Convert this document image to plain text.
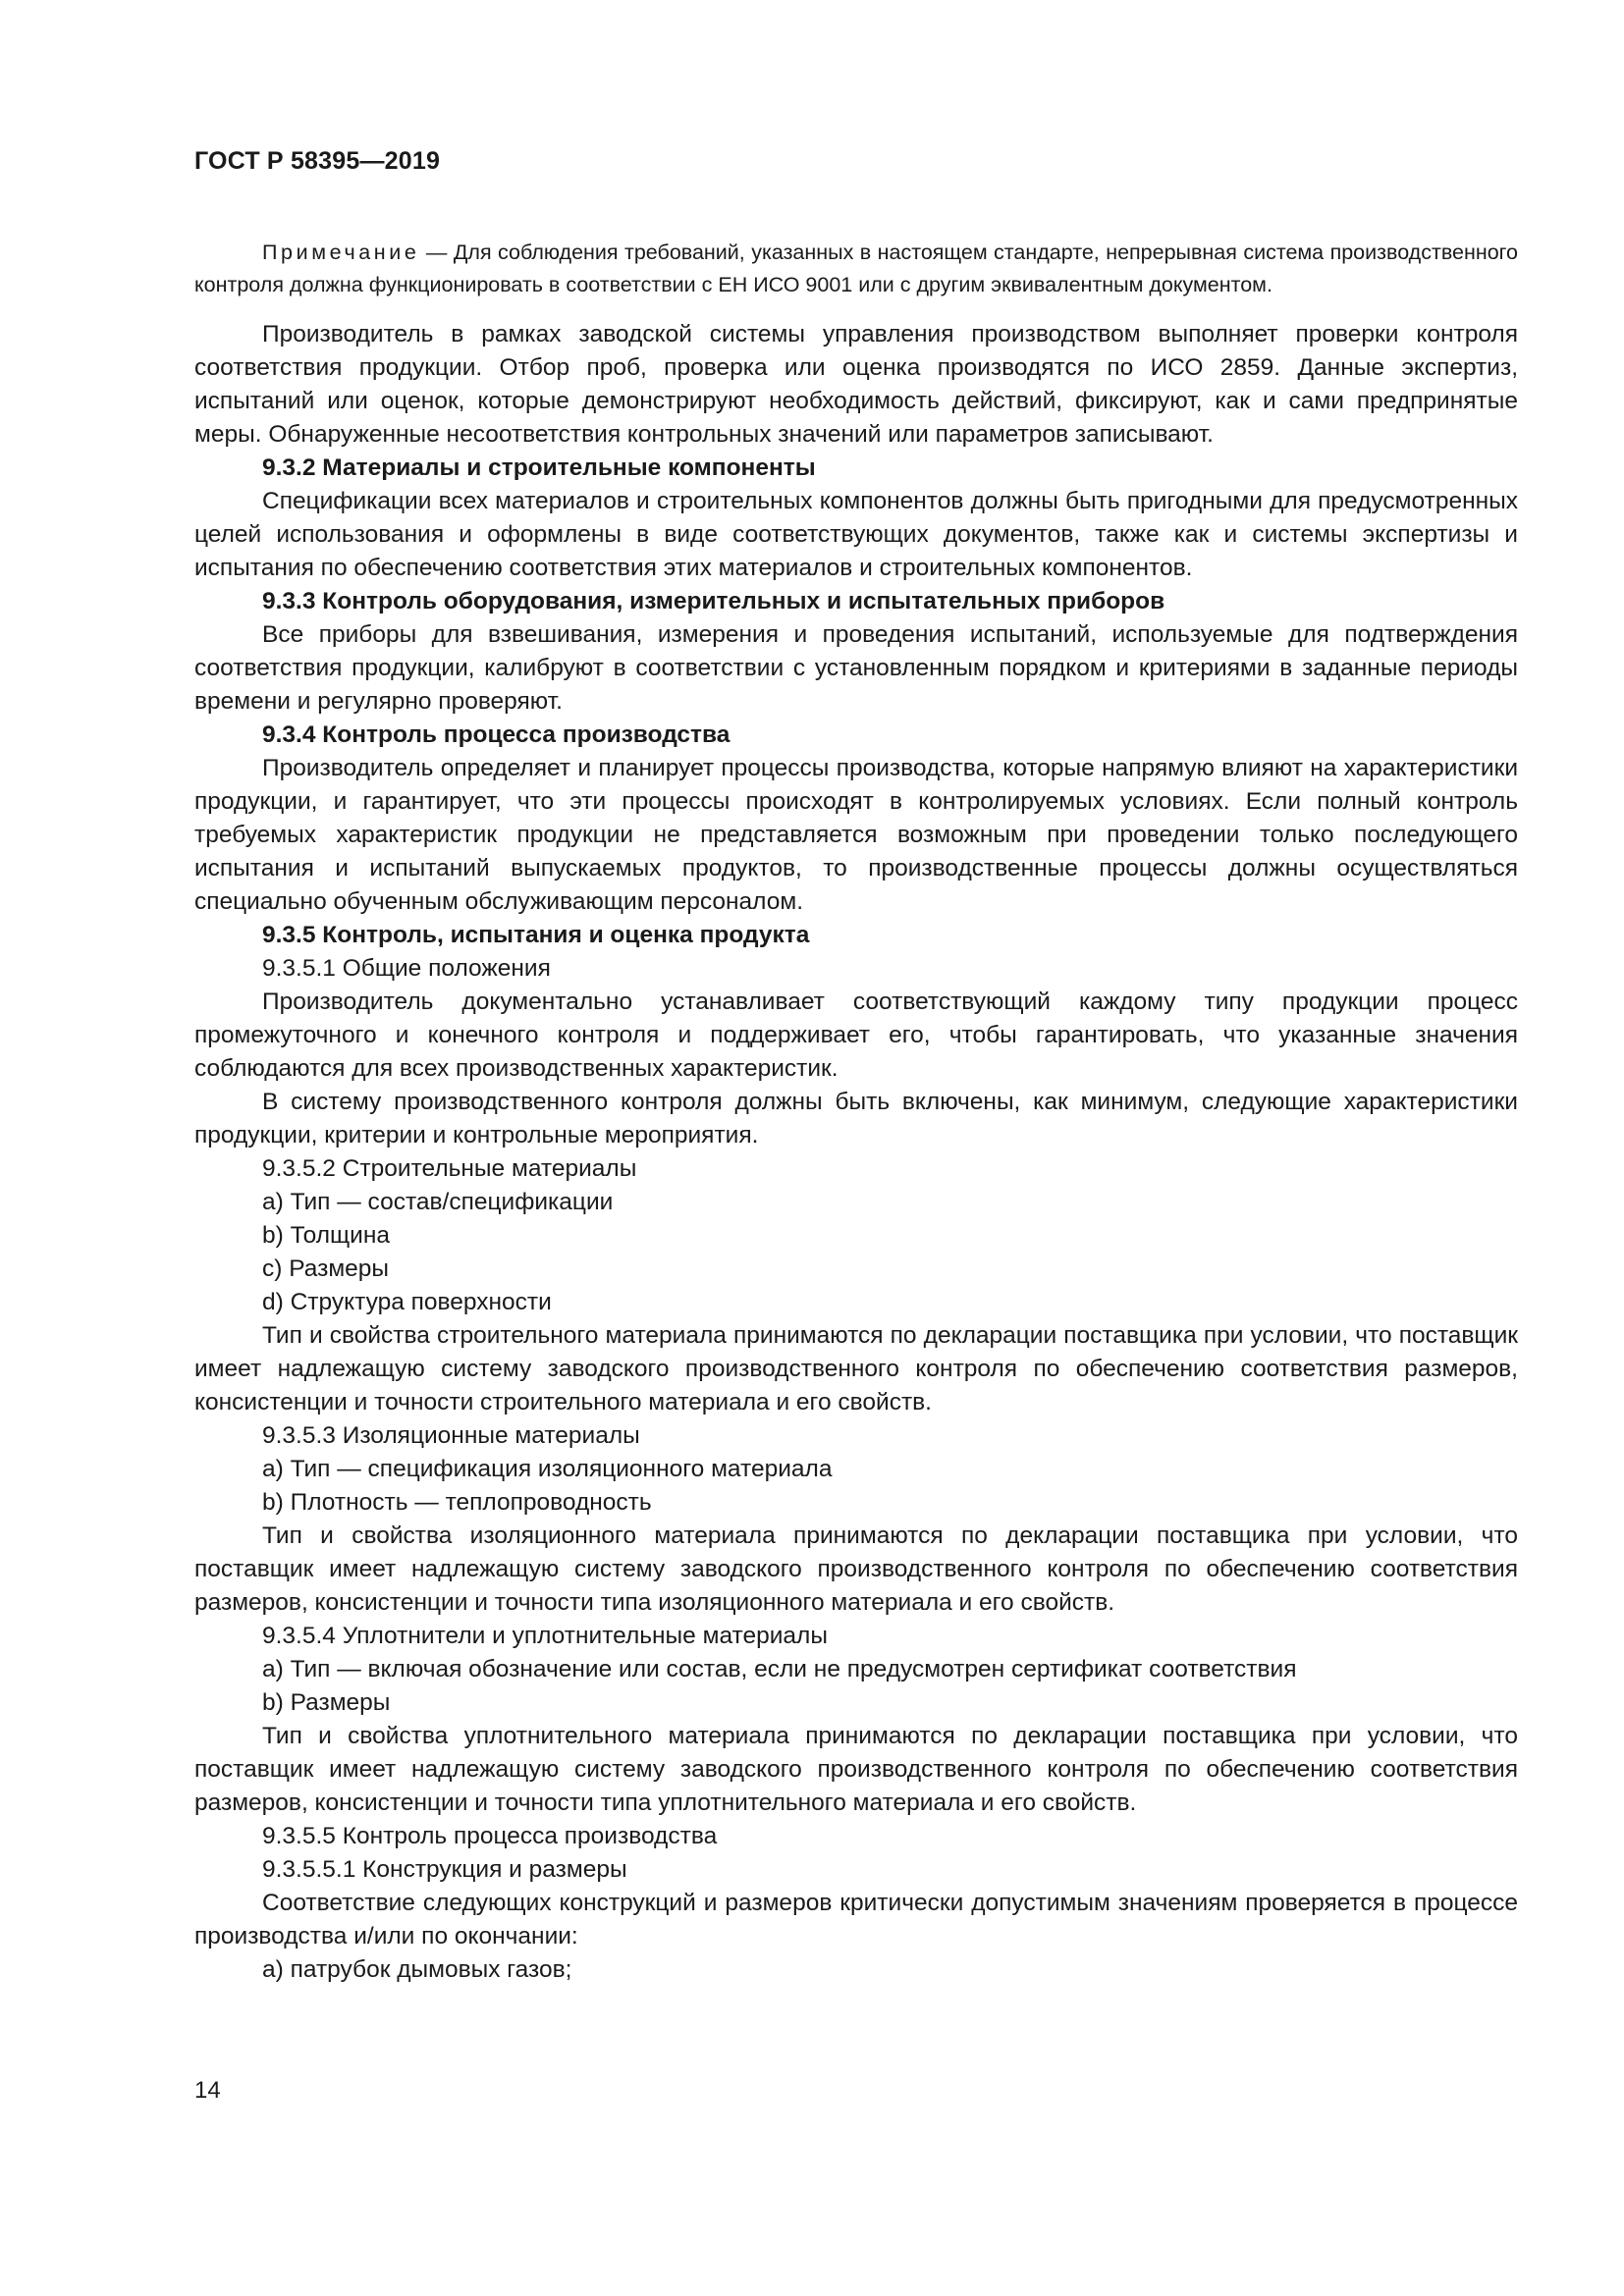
ГОСТ Р 58395—2019

Примечание — Для соблюдения требований, указанных в настоящем стандарте, непрерывная система производственного контроля должна функционировать в соответствии с ЕН ИСО 9001 или с другим эквивалентным документом.

Производитель в рамках заводской системы управления производством выполняет проверки контроля соответствия продукции. Отбор проб, проверка или оценка производятся по ИСО 2859. Данные экспертиз, испытаний или оценок, которые демонстрируют необходимость действий, фиксируют, как и сами предпринятые меры. Обнаруженные несоответствия контрольных значений или параметров записывают.

9.3.2 Материалы и строительные компоненты

Спецификации всех материалов и строительных компонентов должны быть пригодными для предусмотренных целей использования и оформлены в виде соответствующих документов, также как и системы экспертизы и испытания по обеспечению соответствия этих материалов и строительных компонентов.

9.3.3 Контроль оборудования, измерительных и испытательных приборов

Все приборы для взвешивания, измерения и проведения испытаний, используемые для подтверждения соответствия продукции, калибруют в соответствии с установленным порядком и критериями в заданные периоды времени и регулярно проверяют.

9.3.4 Контроль процесса производства

Производитель определяет и планирует процессы производства, которые напрямую влияют на характеристики продукции, и гарантирует, что эти процессы происходят в контролируемых условиях. Если полный контроль требуемых характеристик продукции не представляется возможным при проведении только последующего испытания и испытаний выпускаемых продуктов, то производственные процессы должны осуществляться специально обученным обслуживающим персоналом.

9.3.5 Контроль, испытания и оценка продукта

9.3.5.1 Общие положения

Производитель документально устанавливает соответствующий каждому типу продукции процесс промежуточного и конечного контроля и поддерживает его, чтобы гарантировать, что указанные значения соблюдаются для всех производственных характеристик.

В систему производственного контроля должны быть включены, как минимум, следующие характеристики продукции, критерии и контрольные мероприятия.

9.3.5.2 Строительные материалы

a) Тип — состав/спецификации

b) Толщина

c) Размеры

d) Структура поверхности

Тип и свойства строительного материала принимаются по декларации поставщика при условии, что поставщик имеет надлежащую систему заводского производственного контроля по обеспечению соответствия размеров, консистенции и точности строительного материала и его свойств.

9.3.5.3 Изоляционные материалы

a) Тип — спецификация изоляционного материала

b) Плотность — теплопроводность

Тип и свойства изоляционного материала принимаются по декларации поставщика при условии, что поставщик имеет надлежащую систему заводского производственного контроля по обеспечению соответствия размеров, консистенции и точности типа изоляционного материала и его свойств.

9.3.5.4 Уплотнители и уплотнительные материалы

a) Тип — включая обозначение или состав, если не предусмотрен сертификат соответствия

b) Размеры

Тип и свойства уплотнительного материала принимаются по декларации поставщика при условии, что поставщик имеет надлежащую систему заводского производственного контроля по обеспечению соответствия размеров, консистенции и точности типа уплотнительного материала и его свойств.

9.3.5.5 Контроль процесса производства

9.3.5.5.1 Конструкция и размеры

Соответствие следующих конструкций и размеров критически допустимым значениям проверяется в процессе производства и/или по окончании:

a) патрубок дымовых газов;

14
